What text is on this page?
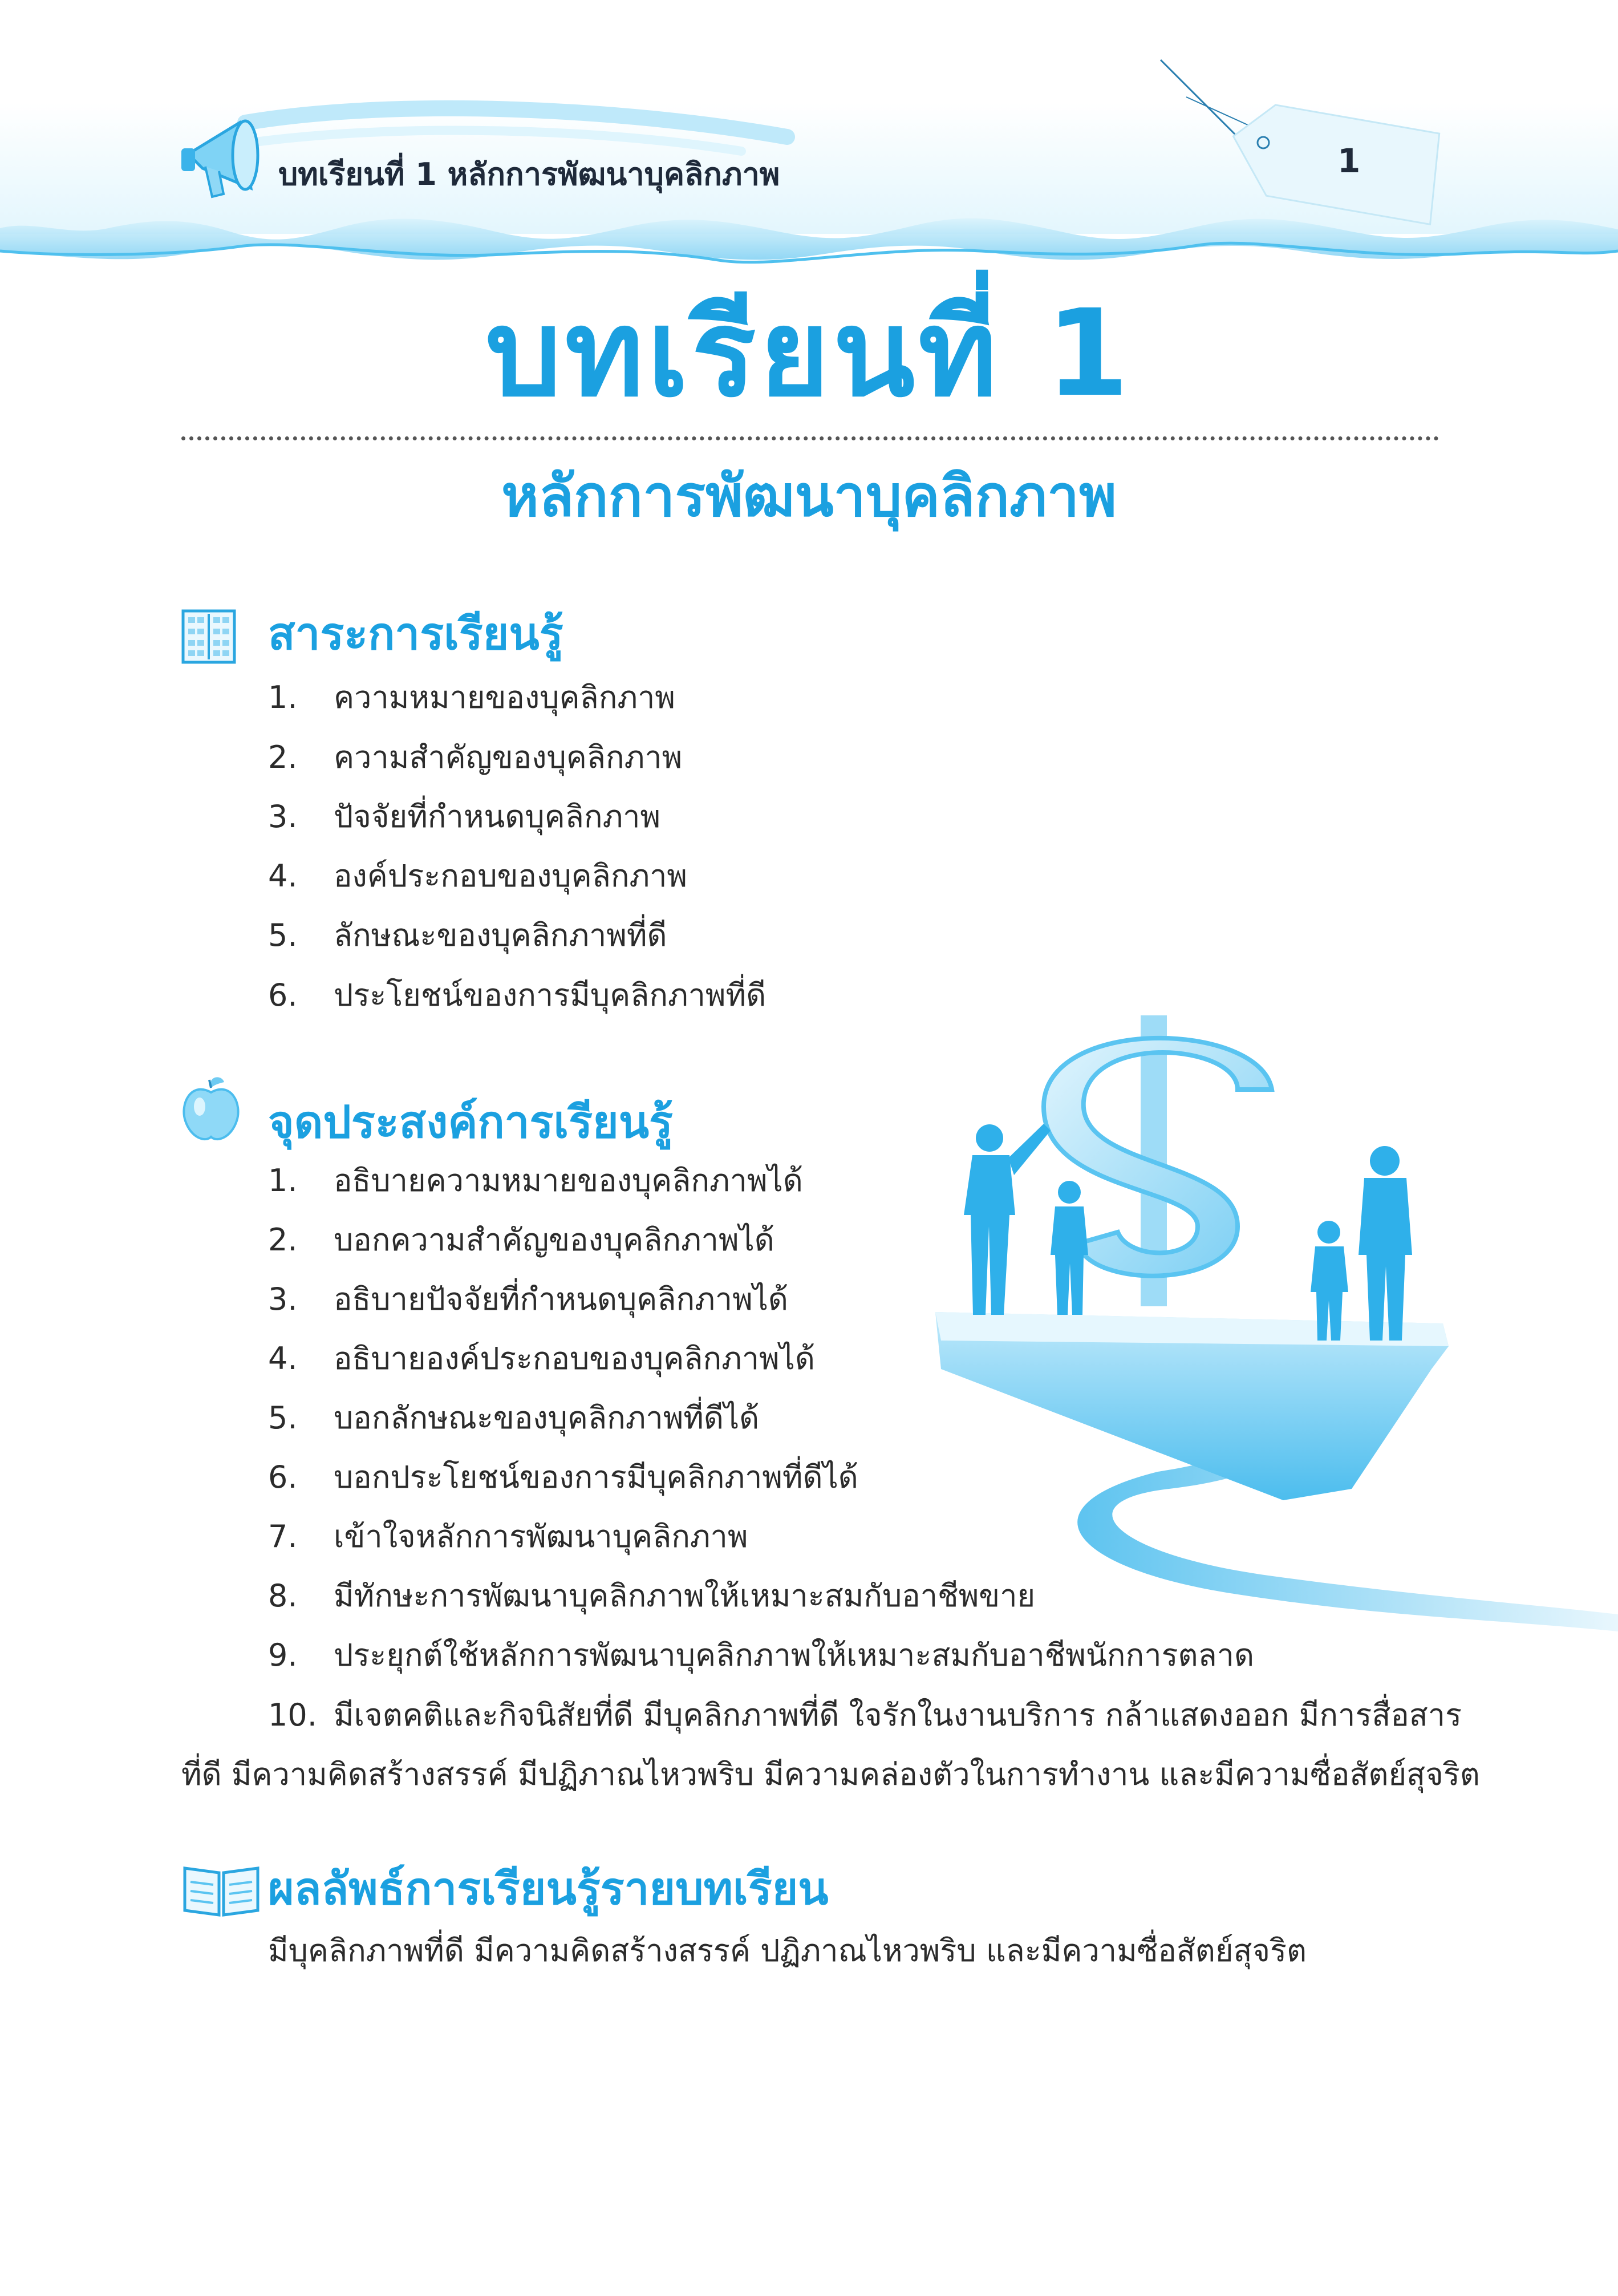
บทเรียนที่ 1 หลักการพัฒนาบุคลิกภาพ	1
บทเรียนที่ 1
หลักการพัฒนาบุคลิกภาพ
สาระการเรียนรู้
1. ความหมายของบุคลิกภาพ
2. ความสำคัญของบุคลิกภาพ
3. ปัจจัยที่กำหนดบุคลิกภาพ
4. องค์ประกอบของบุคลิกภาพ
5. ลักษณะของบุคลิกภาพที่ดี
6. ประโยชน์ของการมีบุคลิกภาพที่ดี
จุดประสงค์การเรียนรู้
1. อธิบายความหมายของบุคลิกภาพได้
2. บอกความสำคัญของบุคลิกภาพได้
3. อธิบายปัจจัยที่กำหนดบุคลิกภาพได้
4. อธิบายองค์ประกอบของบุคลิกภาพได้
5. บอกลักษณะของบุคลิกภาพที่ดีได้
6. บอกประโยชน์ของการมีบุคลิกภาพที่ดีได้
7. เข้าใจหลักการพัฒนาบุคลิกภาพ
8. มีทักษะการพัฒนาบุคลิกภาพให้เหมาะสมกับอาชีพขาย
9. ประยุกต์ใช้หลักการพัฒนาบุคลิกภาพให้เหมาะสมกับอาชีพนักการตลาด
10. มีเจตคติและกิจนิสัยที่ดี มีบุคลิกภาพที่ดี ใจรักในงานบริการ กล้าแสดงออก มีการสื่อสาร
ที่ดี มีความคิดสร้างสรรค์ มีปฏิภาณไหวพริบ มีความคล่องตัวในการทำงาน และมีความซื่อสัตย์สุจริต
ผลลัพธ์การเรียนรู้รายบทเรียน
มีบุคลิกภาพที่ดี มีความคิดสร้างสรรค์ ปฏิภาณไหวพริบ และมีความซื่อสัตย์สุจริต
